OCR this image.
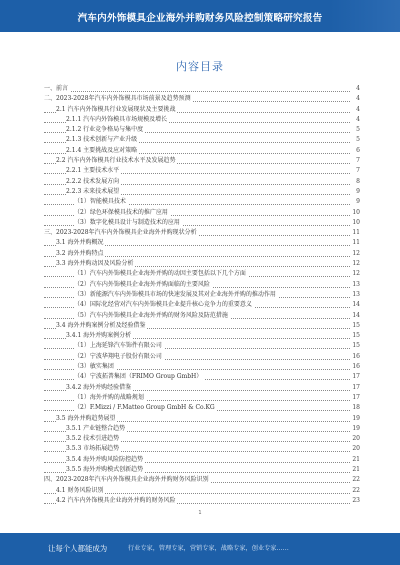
汽车内外饰模具企业海外并购财务风险控制策略研究报告
内容目录
一、前言	4
二、2023-2028年汽车内外饰模具市场前景及趋势预测	4
2.1 汽车内外饰模具行业发展现状及主要挑战	4
2.1.1 汽车内外饰模具市场规模及增长	4
2.1.2 行业竞争格局与集中度	5
2.1.3 技术创新与产业升级	5
2.1.4 主要挑战及应对策略	6
2.2 汽车内外饰模具行业技术水平及发展趋势	7
2.2.1 主要技术水平	7
2.2.2 技术发展方向	8
2.2.3 未来技术展望	9
（1）智能模具技术	9
（2）绿色环保模具技术的推广应用	10
（3）数字化模具设计与制造技术的应用	10
三、2023-2028年汽车内外饰模具企业海外并购现状分析	11
3.1 海外并购概况	11
3.2 海外并购特点	12
3.3 海外并购动因及风险分析	12
（1）汽车内外饰模具企业海外并购的动因主要包括以下几个方面	12
（2）汽车内外饰模具企业海外并购面临的主要风险	13
（3）新能源汽车内外饰模具市场的快速发展及其对企业海外并购的推动作用	13
（4）国际化经营对汽车内外饰模具企业提升核心竞争力的重要意义	14
（5）汽车内外饰模具企业海外并购的财务风险及防范措施	14
3.4 海外并购案例分析及经验借鉴	15
3.4.1 海外并购案例分析	15
（1）上海延锋汽车饰件有限公司	15
（2）宁波华翔电子股份有限公司	16
（3）敏实集团	16
（4）宁波拓普集团（FRIMO Group GmbH）	17
3.4.2 海外并购经验借鉴	17
（1）海外并购的战略规划	17
（2）F.Mizzi / F.Matteo Group GmbH & Co.KG	18
3.5 海外并购趋势展望	19
3.5.1 产业链整合趋势	19
3.5.2 技术引进趋势	20
3.5.3 市场拓展趋势	20
3.5.4 海外并购风险防控趋势	21
3.5.5 海外并购模式创新趋势	21
四、2023-2028年汽车内外饰模具企业海外并购财务风险识别	22
4.1 财务风险识别	22
4.2 汽车内外饰模具企业海外并购的财务风险	23
1
让每个人都能成为	行业专家，管理专家，营销专家，战略专家，创业专家……
